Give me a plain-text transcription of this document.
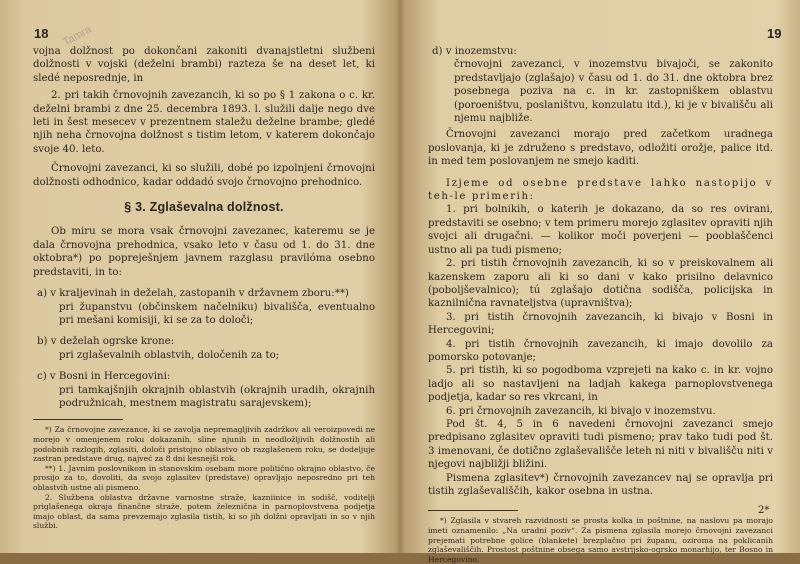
18 Tamra

vojna dolžnost po dokončani zakoniti dvanajstletni službeni dolžnosti v vojski (deželni brambi) razteza še na deset let, ki sledé neposrednje, in

2. pri takih črnovojnih zavezancih, ki so po § 1 zakona o c. kr. deželni brambi z dne 25. decembra 1893. l. služili dalje nego dve leti in šest mesecev v prezentnem staležu deželne brambe; gledé njih neha črnovojna dolžnost s tistim letom, v katerem dokončajo svoje 40. leto.

Črnovojni zavezanci, ki so služili, dobé po izpolnjeni črnovojni dolžnosti odhodnico, kadar oddadó svojo črnovojno prehodnico.

§ 3. Zglaševalna dolžnost.

Ob miru se mora vsak črnovojni zavezanec, kateremu se je dala črnovojna prehodnica, vsako leto v času od 1. do 31. dne oktobra*) po popreješnjem javnem razglasu pravilóma osebno predstaviti, in to:

a) v kraljevinah in deželah, zastopanih v državnem zboru:**)
pri županstvu (občinskem načelniku) bivališča, eventualno pri mešani komisiji, ki se za to določi;

b) v deželah ogrske krone:
pri zglaševalnih oblastvih, določenih za to;

c) v Bosni in Hercegovini:
pri tamkajšnjih okrajnih oblastvih (okrajnih uradih, okrajnih podružnicah, mestnem magistratu sarajevskem);

*) Za črnovojne zavezance, ki se zavolja nepremagljivih zadržkov ali veroizpovedi ne morejo v omenjenem roku dokazanih, sline njunih in neodložljivih dolžnostih ali podobnih razlogih, zglasiti, določi pristojno oblastvo ob razglašenem roku, se dodeljuje zastran predstave drug, najveć za 8 dni kesnejši rok.

**) 1. Javnim poslovnikom in stanovskim osebam more politično okrajno oblastvo, če prosijo za to, dovoliti, da svojo zglasitev (predstave) opravljajo neposredno pri teh oblastvih ustne ali pismeno.

2. Službena oblastva državne varnostne straže, kazniinice in sodišč, voditelji priglašenega okraja finančne straže, potem železnična in parnoplovstvena podjetja imajo oblast, da sama prevzemajo zglasila tistih, ki so jih dolžni opravljati in so v njih službi.

19

d) v inozemstvu:
črnovojni zavezanci, v inozemstvu bivajoči, se zakonito predstavljajo (zglašajo) v času od 1. do 31. dne oktobra brez posebnega poziva na c. in kr. zastopniškem oblastvu (poroeništvu, poslaništvu, konzulatu itd.), ki je v bivališču ali njemu najbliže.

Črnovojni zavezanci morajo pred začetkom uradnega poslovanja, ki je združeno s predstavo, odložiti orožje, palice itd. in med tem poslovanjem ne smejo kaditi.

Izjeme od osebne predstave lahko nastopijo v teh-le primerih:

1. pri bolnikih, o katerih je dokazano, da so res ovirani, predstaviti se osebno; v tem primeru morejo zglasitev opraviti njih svojci ali drugačni. — kolikor moči poverjeni — pooblaščenci ustno ali pa tudi pismeno;

2. pri tistih črnovojnih zavezancih, ki so v preiskovalnem ali kazenskem zaporu ali ki so dani v kako prisilno delavnico (poboljševalnico); tú zglašajo dotična sodišča, policijska in kaznilnična ravnateljstva (upravništva);

3. pri tistih črnovojnih zavezancih, ki bivajo v Bosni in Hercegovini;

4. pri tistih črnovojnih zavezancih, ki imajo dovolilo za pomorsko potovanje;

5. pri tistih, ki so pogodboma vzprejeti na kako c. in kr. vojno ladjo ali so nastavljeni na ladjah kakega parnoplovstvenega podjetja, kadar so res vkrcani, in

6. pri črnovojnih zavezancih, ki bivajo v inozemstvu.

Pod št. 4, 5 in 6 navedeni črnovojni zavezanci smejo predpisano zglasitev opraviti tudi pismeno; prav tako tudi pod št. 3 imenovani, če dotično zglaševališče leteh ni niti v bivališču niti v njegovi najbližji bližini.

Pismena zglasitev*) črnovojnih zavezancev naj se opravlja pri tistih zglaševališčih, kakor osebna in ustna.

*) Zglasila v stvareh razvidnosti se prosta kolka in poštnine, na naslovu pa morajo imeti oznamenilo: „Na uradni poziv“. Za pismena zglasila morejo črnovojni zavezanci prejemati potrebne golice (blankete) brezplačno pri županu, oziroma na poklicanih zglaševališčih. Prostost poštnine obsega samo avstrijsko-ogrsko monarhijo, ter Bosno in Hercegovino.

2*
